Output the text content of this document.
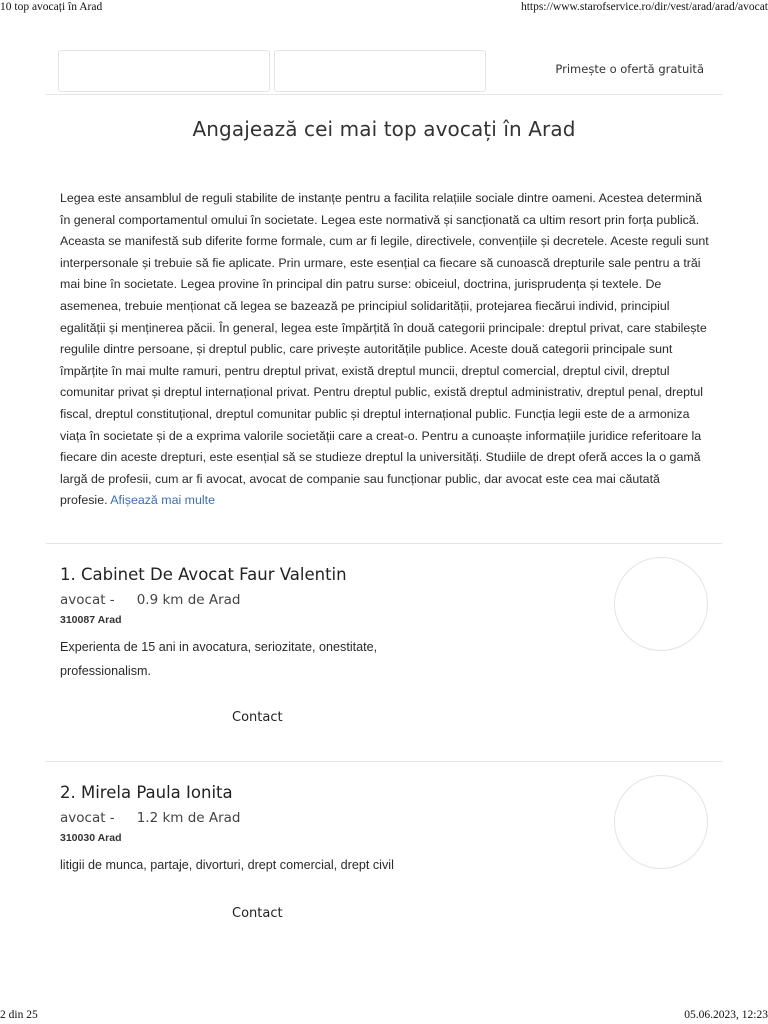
10 top avocați în Arad	https://www.starofservice.ro/dir/vest/arad/arad/avocat
Primește o ofertă gratuită
Angajează cei mai top avocați în Arad

Legea este ansamblul de reguli stabilite de instanțe pentru a facilita relațiile sociale dintre oameni. Acestea determină în general comportamentul omului în societate. Legea este normativă și sancționată ca ultim resort prin forța publică. Aceasta se manifestă sub diferite forme formale, cum ar fi legile, directivele, convențiile și decretele. Aceste reguli sunt interpersonale și trebuie să fie aplicate. Prin urmare, este esențial ca fiecare să cunoască drepturile sale pentru a trăi mai bine în societate. Legea provine în principal din patru surse: obiceiul, doctrina, jurisprudența și textele. De asemenea, trebuie menționat că legea se bazează pe principiul solidarității, protejarea fiecărui individ, principiul egalității și menținerea păcii. În general, legea este împărțită în două categorii principale: dreptul privat, care stabilește regulile dintre persoane, și dreptul public, care privește autoritățile publice. Aceste două categorii principale sunt împărțite în mai multe ramuri, pentru dreptul privat, există dreptul muncii, dreptul comercial, dreptul civil, dreptul comunitar privat și dreptul internațional privat. Pentru dreptul public, există dreptul administrativ, dreptul penal, dreptul fiscal, dreptul constituțional, dreptul comunitar public și dreptul internațional public. Funcția legii este de a armoniza viața în societate și de a exprima valorile societății care a creat-o. Pentru a cunoaște informațiile juridice referitoare la fiecare din aceste drepturi, este esențial să se studieze dreptul la universități. Studiile de drept oferă acces la o gamă largă de profesii, cum ar fi avocat, avocat de companie sau funcționar public, dar avocat este cea mai căutată profesie. Afișează mai multe

1. Cabinet De Avocat Faur Valentin
avocat - 0.9 km de Arad
310087 Arad

Experienta de 15 ani in avocatura, seriozitate, onestitate, professionalism.

Contact
2. Mirela Paula Ionita
avocat - 1.2 km de Arad
310030 Arad

litigii de munca, partaje, divorturi, drept comercial, drept civil

Contact
2 din 25	05.06.2023, 12:23
